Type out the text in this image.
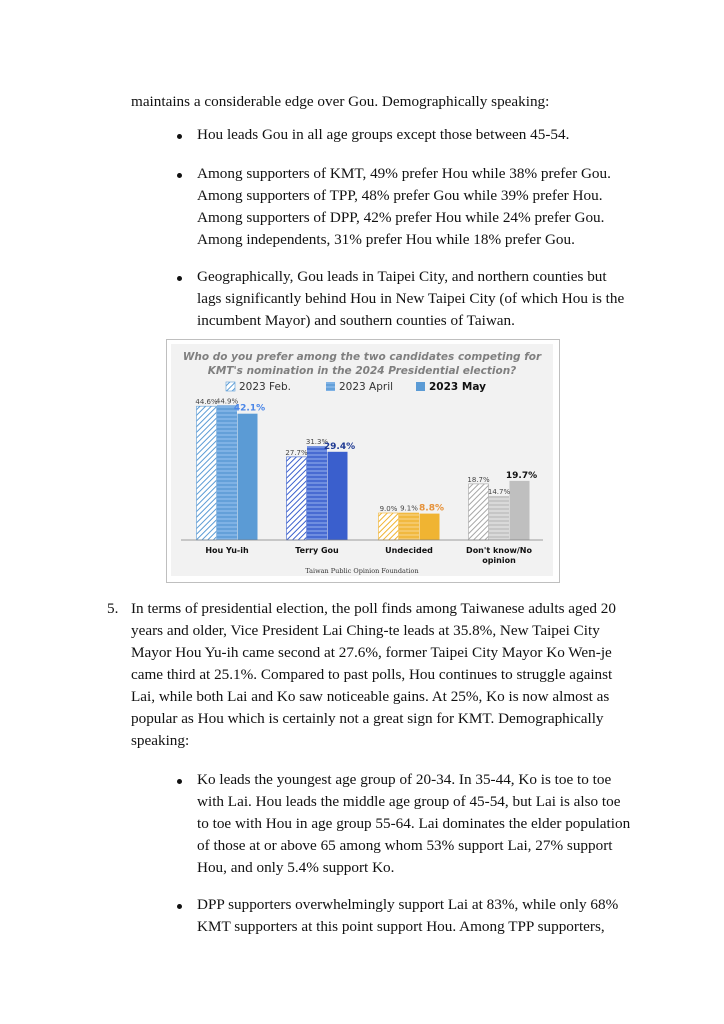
maintains a considerable edge over Gou. Demographically speaking:
Hou leads Gou in all age groups except those between 45-54.
Among supporters of KMT, 49% prefer Hou while 38% prefer Gou.
Among supporters of TPP, 48% prefer Gou while 39% prefer Hou.
Among supporters of DPP, 42% prefer Hou while 24% prefer Gou.
Among independents, 31% prefer Hou while 18% prefer Gou.
Geographically, Gou leads in Taipei City, and northern counties but
lags significantly behind Hou in New Taipei City (of which Hou is the
incumbent Mayor) and southern counties of Taiwan.
Who do you prefer among the two candidates competing for
KMT's nomination in the 2024 Presidential election?
2023 Feb.	2023 April	2023 May
44.6%
44.9%
42.1%
Hou Yu-ih
27.7%
31.3%
29.4%
Terry Gou
9.0% 9.1% 8.8%
Undecided
18.7%
14.7%
19.7%
Don't know/No
opinion
Taiwan Public Opinion Foundation
5. In terms of presidential election, the poll finds among Taiwanese adults aged 20
years and older, Vice President Lai Ching-te leads at 35.8%, New Taipei City
Mayor Hou Yu-ih came second at 27.6%, former Taipei City Mayor Ko Wen-je
came third at 25.1%. Compared to past polls, Hou continues to struggle against
Lai, while both Lai and Ko saw noticeable gains. At 25%, Ko is now almost as
popular as Hou which is certainly not a great sign for KMT. Demographically
speaking:
Ko leads the youngest age group of 20-34. In 35-44, Ko is toe to toe
with Lai. Hou leads the middle age group of 45-54, but Lai is also toe
to toe with Hou in age group 55-64. Lai dominates the elder population
of those at or above 65 among whom 53% support Lai, 27% support
Hou, and only 5.4% support Ko.
DPP supporters overwhelmingly support Lai at 83%, while only 68%
KMT supporters at this point support Hou. Among TPP supporters,
